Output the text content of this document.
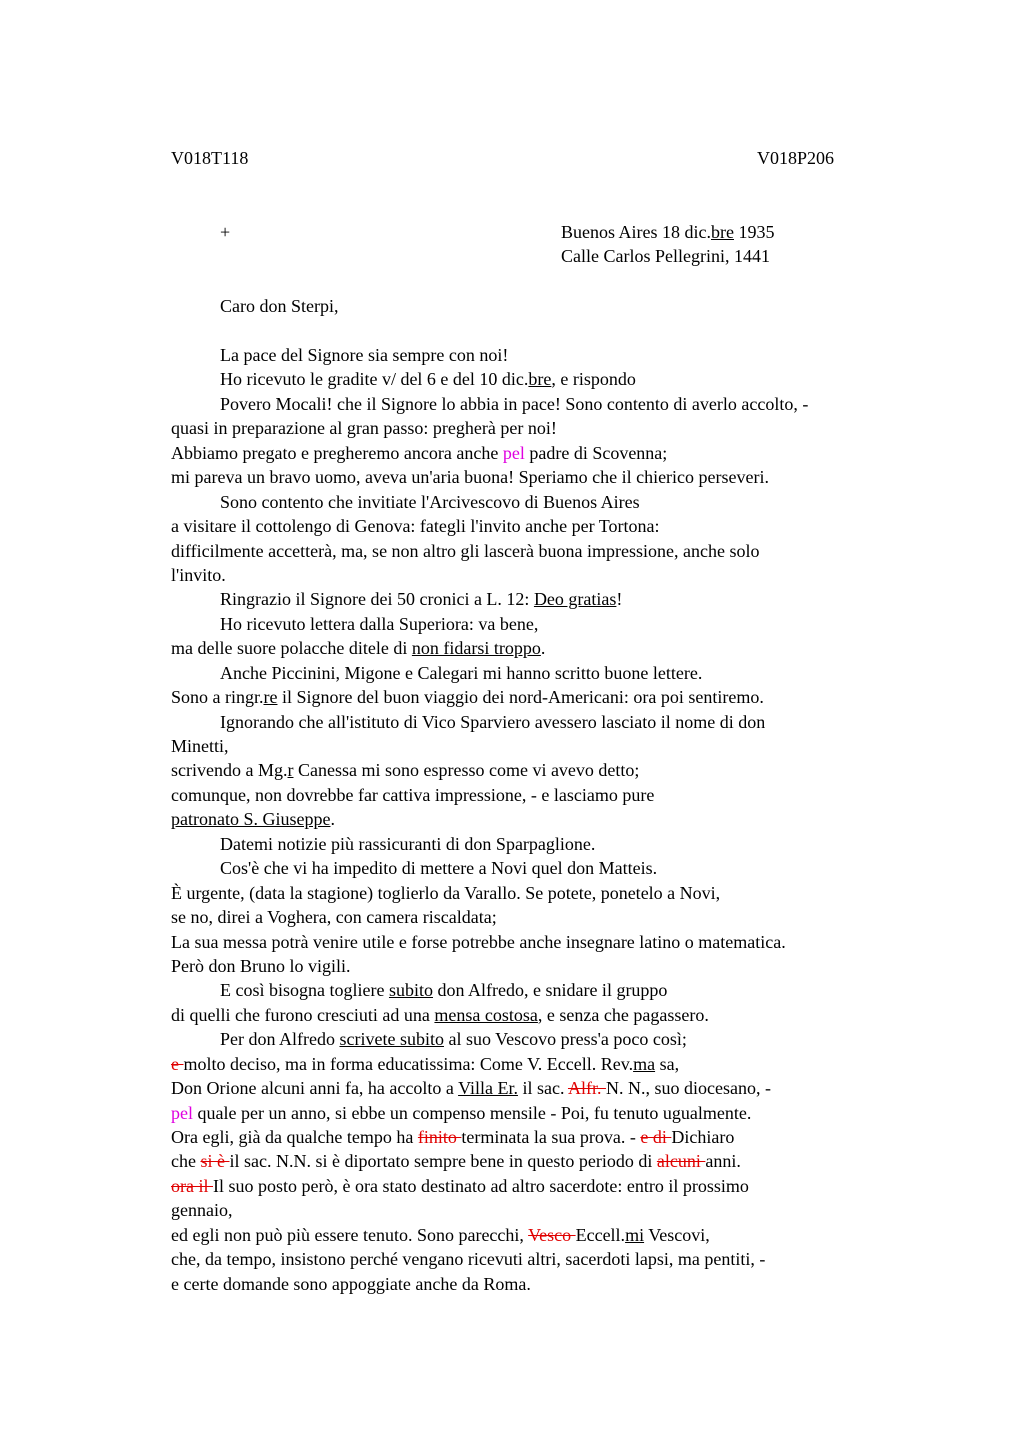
V018T118	V018P206
+	Buenos Aires 18 dic.bre 1935
Calle Carlos Pellegrini, 1441
Caro don Sterpi,
La pace del Signore sia sempre con noi!
Ho ricevuto le gradite v/ del 6 e del 10 dic.bre, e rispondo
Povero Mocali! che il Signore lo abbia in pace! Sono contento di averlo accolto, -
quasi in preparazione al gran passo: pregherà per noi!
Abbiamo pregato e pregheremo ancora anche pel padre di Scovenna;
mi pareva un bravo uomo, aveva un'aria buona! Speriamo che il chierico perseveri.
Sono contento che invitiate l'Arcivescovo di Buenos Aires
a visitare il cottolengo di Genova: fategli l'invito anche per Tortona:
difficilmente accetterà, ma, se non altro gli lascerà buona impressione, anche solo
l'invito.
Ringrazio il Signore dei 50 cronici a L. 12: Deo gratias!
Ho ricevuto lettera dalla Superiora: va bene,
ma delle suore polacche ditele di non fidarsi troppo.
Anche Piccinini, Migone e Calegari mi hanno scritto buone lettere.
Sono a ringr.re il Signore del buon viaggio dei nord-Americani: ora poi sentiremo.
Ignorando che all'istituto di Vico Sparviero avessero lasciato il nome di don
Minetti,
scrivendo a Mg.r Canessa mi sono espresso come vi avevo detto;
comunque, non dovrebbe far cattiva impressione, - e lasciamo pure
patronato S. Giuseppe.
Datemi notizie più rassicuranti di don Sparpaglione.
Cos'è che vi ha impedito di mettere a Novi quel don Matteis.
È urgente, (data la stagione) toglierlo da Varallo. Se potete, ponetelo a Novi,
se no, direi a Voghera, con camera riscaldata;
La sua messa potrà venire utile e forse potrebbe anche insegnare latino o matematica.
Però don Bruno lo vigili.
E così bisogna togliere subito don Alfredo, e snidare il gruppo
di quelli che furono cresciuti ad una mensa costosa, e senza che pagassero.
Per don Alfredo scrivete subito al suo Vescovo press'a poco così;
e molto deciso, ma in forma educatissima: Come V. Eccell. Rev.ma sa,
Don Orione alcuni anni fa, ha accolto a Villa Er. il sac. Alfr. N. N., suo diocesano, -
pel quale per un anno, si ebbe un compenso mensile - Poi, fu tenuto ugualmente.
Ora egli, già da qualche tempo ha finito terminata la sua prova. - e di Dichiaro
che si è il sac. N.N. si è diportato sempre bene in questo periodo di alcuni anni.
ora il Il suo posto però, è ora stato destinato ad altro sacerdote: entro il prossimo
gennaio,
ed egli non può più essere tenuto. Sono parecchi, Vesco Eccell.mi Vescovi,
che, da tempo, insistono perché vengano ricevuti altri, sacerdoti lapsi, ma pentiti, -
e certe domande sono appoggiate anche da Roma.
